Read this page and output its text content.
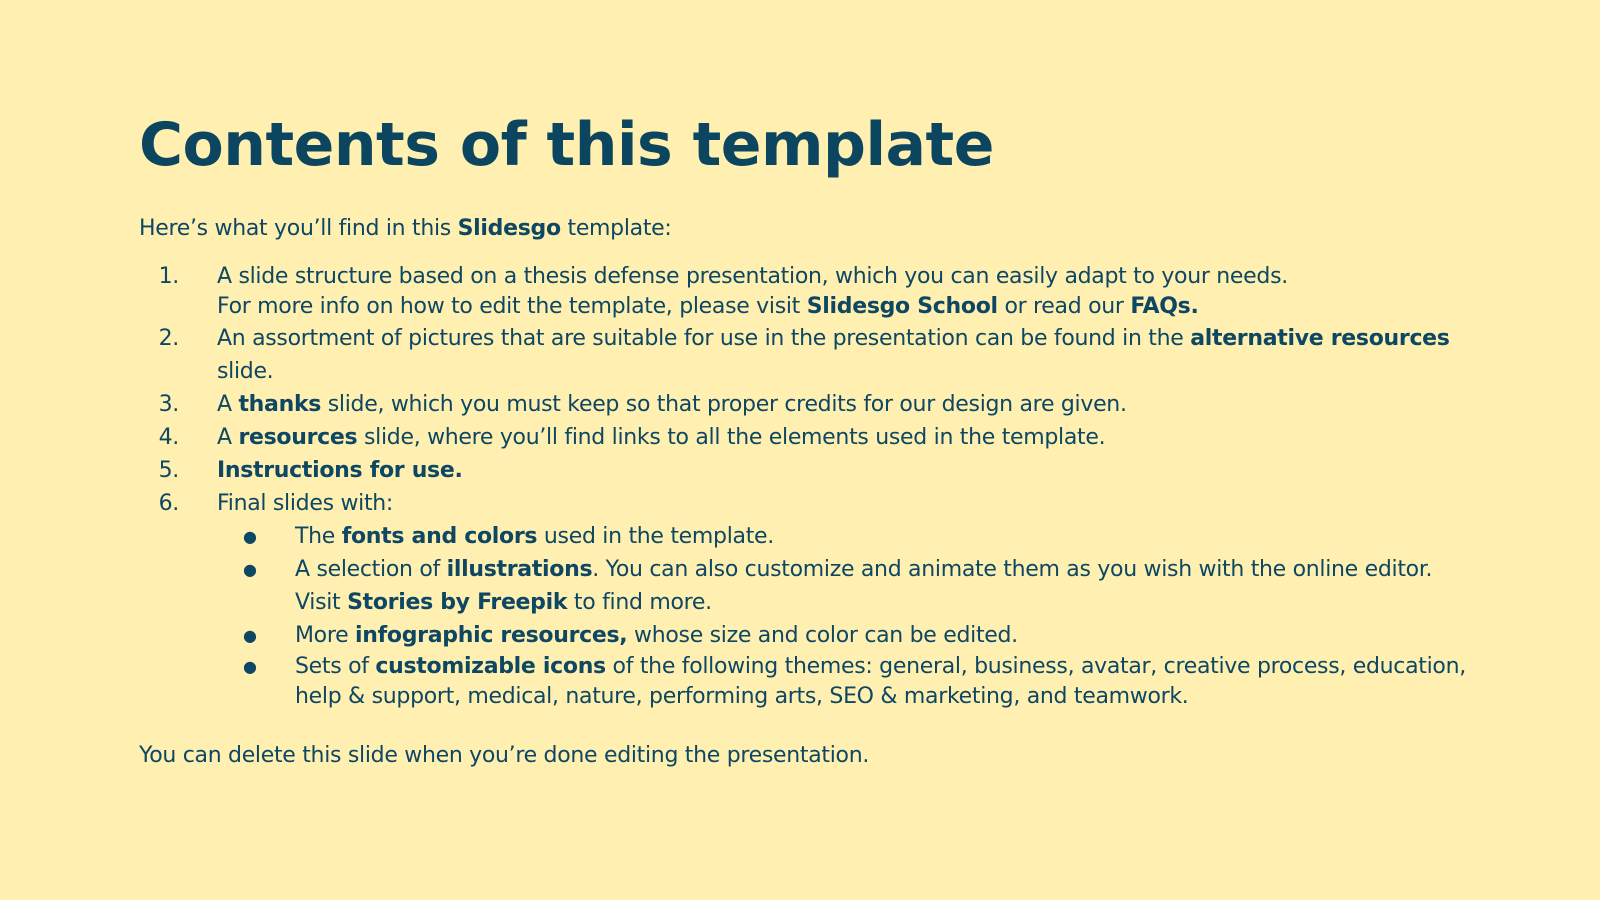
Contents of this template

Here’s what you’ll find in this Slidesgo template:

1. A slide structure based on a thesis defense presentation, which you can easily adapt to your needs.
For more info on how to edit the template, please visit Slidesgo School or read our FAQs.
2. An assortment of pictures that are suitable for use in the presentation can be found in the alternative resources slide.
3. A thanks slide, which you must keep so that proper credits for our design are given.
4. A resources slide, where you’ll find links to all the elements used in the template.
5. Instructions for use.
6. Final slides with:
● The fonts and colors used in the template.
● A selection of illustrations. You can also customize and animate them as you wish with the online editor. Visit Stories by Freepik to find more.
● More infographic resources, whose size and color can be edited.
● Sets of customizable icons of the following themes: general, business, avatar, creative process, education, help & support, medical, nature, performing arts, SEO & marketing, and teamwork.

You can delete this slide when you’re done editing the presentation.
